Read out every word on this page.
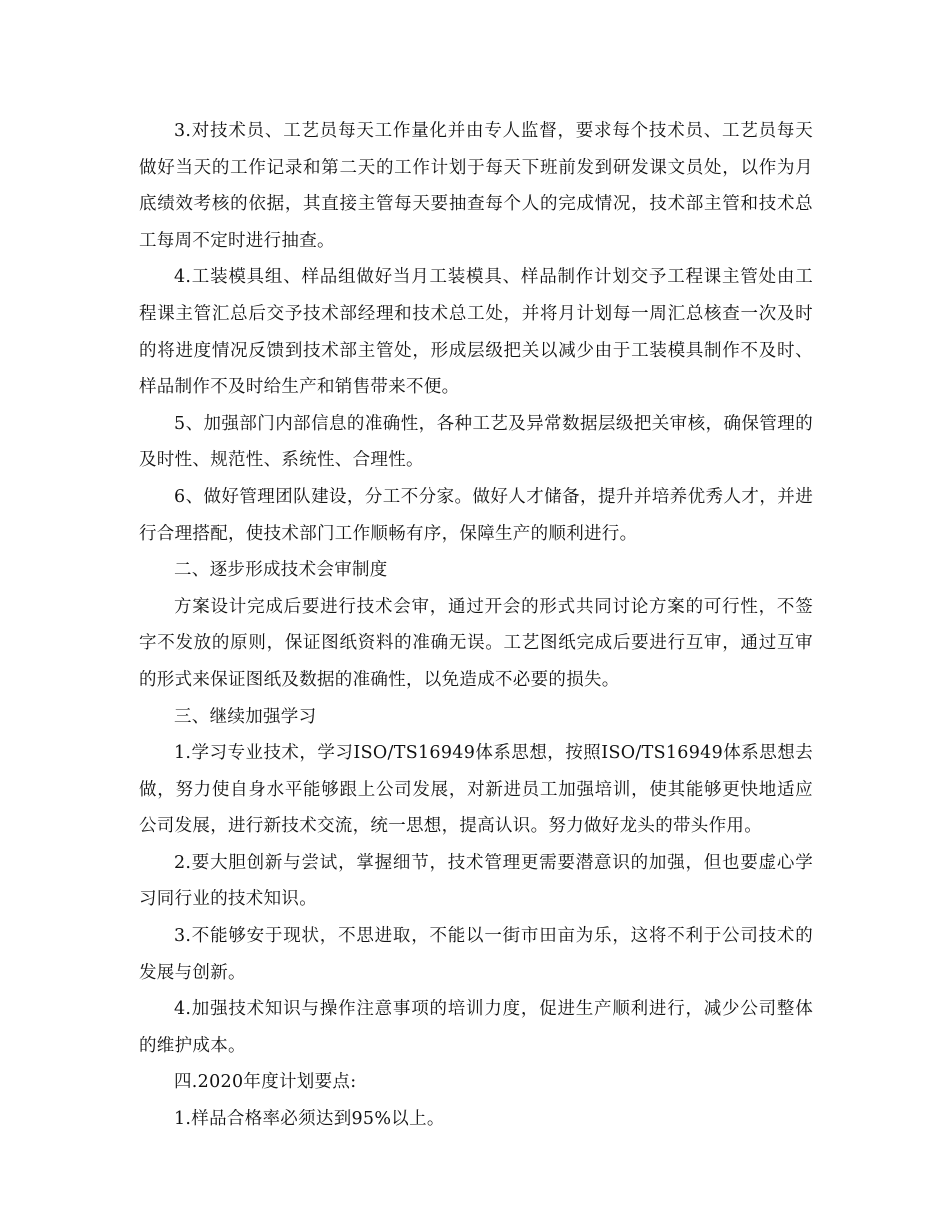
3.对技术员、工艺员每天工作量化并由专人监督，要求每个技术员、工艺员每天做好当天的工作记录和第二天的工作计划于每天下班前发到研发课文员处，以作为月底绩效考核的依据，其直接主管每天要抽查每个人的完成情况，技术部主管和技术总工每周不定时进行抽查。

4.工装模具组、样品组做好当月工装模具、样品制作计划交予工程课主管处由工程课主管汇总后交予技术部经理和技术总工处，并将月计划每一周汇总核查一次及时的将进度情况反馈到技术部主管处，形成层级把关以减少由于工装模具制作不及时、样品制作不及时给生产和销售带来不便。

5、加强部门内部信息的准确性，各种工艺及异常数据层级把关审核，确保管理的及时性、规范性、系统性、合理性。

6、做好管理团队建设，分工不分家。做好人才储备，提升并培养优秀人才，并进行合理搭配，使技术部门工作顺畅有序，保障生产的顺利进行。

二、逐步形成技术会审制度

方案设计完成后要进行技术会审，通过开会的形式共同讨论方案的可行性，不签字不发放的原则，保证图纸资料的准确无误。工艺图纸完成后要进行互审，通过互审的形式来保证图纸及数据的准确性，以免造成不必要的损失。

三、继续加强学习

1.学习专业技术，学习ISO/TS16949体系思想，按照ISO/TS16949体系思想去做，努力使自身水平能够跟上公司发展，对新进员工加强培训，使其能够更快地适应公司发展，进行新技术交流，统一思想，提高认识。努力做好龙头的带头作用。

2.要大胆创新与尝试，掌握细节，技术管理更需要潜意识的加强，但也要虚心学习同行业的技术知识。

3.不能够安于现状，不思进取，不能以一街市田亩为乐，这将不利于公司技术的发展与创新。

4.加强技术知识与操作注意事项的培训力度，促进生产顺利进行，减少公司整体的维护成本。

四.2020年度计划要点:

1.样品合格率必须达到95%以上。
